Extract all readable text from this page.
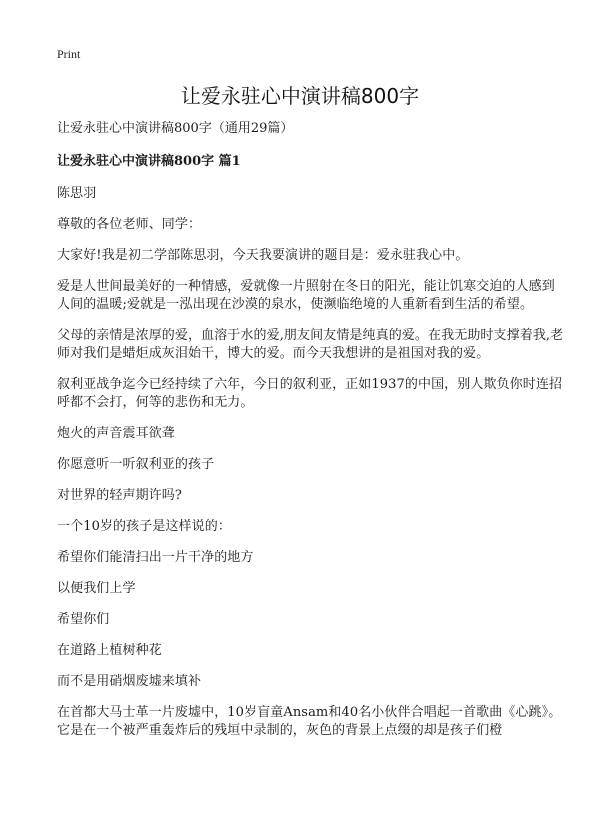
Print
让爱永驻心中演讲稿800字

让爱永驻心中演讲稿800字（通用29篇）

让爱永驻心中演讲稿800字 篇1

陈思羽

尊敬的各位老师、同学：

大家好!我是初二学部陈思羽，今天我要演讲的题目是：爱永驻我心中。

爱是人世间最美好的一种情感，爱就像一片照射在冬日的阳光，能让饥寒交迫的人感到人间的温暖;爱就是一泓出现在沙漠的泉水，使濒临绝境的人重新看到生活的希望。

父母的亲情是浓厚的爱，血溶于水的爱,朋友间友情是纯真的爱。在我无助时支撑着我,老师对我们是蜡炬成灰泪始干，博大的爱。而今天我想讲的是祖国对我的爱。

叙利亚战争迄今已经持续了六年，今日的叙利亚，正如1937的中国，别人欺负你时连招呼都不会打，何等的悲伤和无力。

炮火的声音震耳欲聋

你愿意听一听叙利亚的孩子

对世界的轻声期许吗?

一个10岁的孩子是这样说的：

希望你们能清扫出一片干净的地方

以便我们上学

希望你们

在道路上植树种花

而不是用硝烟废墟来填补

在首都大马士革一片废墟中，10岁盲童Ansam和40名小伙伴合唱起一首歌曲《心跳》。它是在一个被严重轰炸后的残垣中录制的，灰色的背景上点缀的却是孩子们橙
